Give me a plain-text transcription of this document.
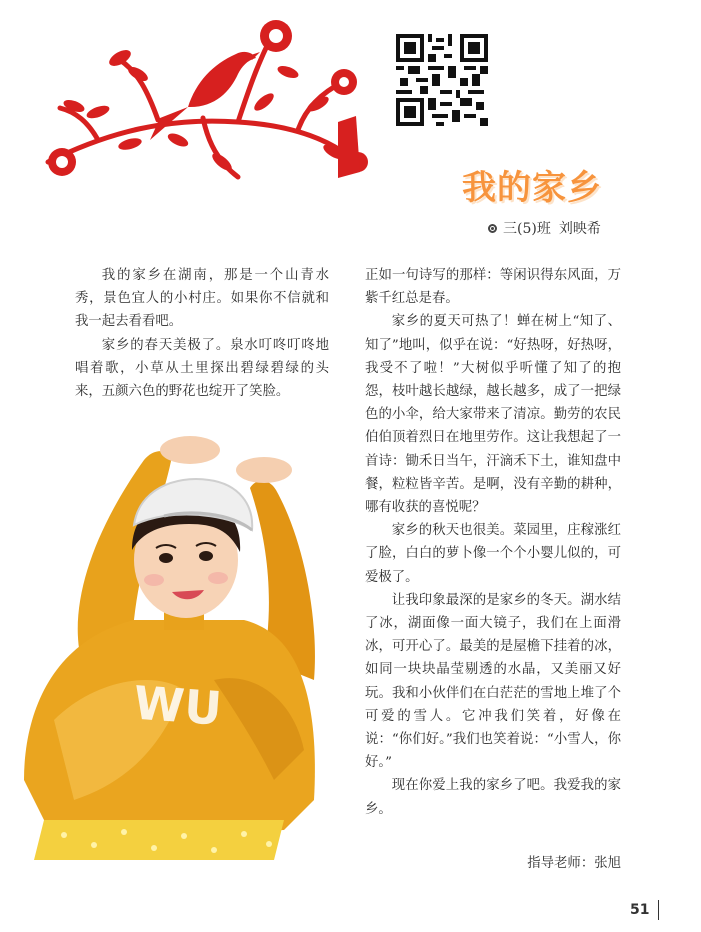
我的家乡
三(5)班 刘映希

我的家乡在湖南，那是一个山青水秀，景色宜人的小村庄。如果你不信就和我一起去看看吧。

家乡的春天美极了。泉水叮咚叮咚地唱着歌，小草从土里探出碧绿碧绿的头来，五颜六色的野花也绽开了笑脸。

WU

正如一句诗写的那样：等闲识得东风面，万紫千红总是春。

家乡的夏天可热了！蝉在树上“知了、知了”地叫，似乎在说：“好热呀，好热呀，我受不了啦！”大树似乎听懂了知了的抱怨，枝叶越长越绿，越长越多，成了一把绿色的小伞，给大家带来了清凉。勤劳的农民伯伯顶着烈日在地里劳作。这让我想起了一首诗：锄禾日当午，汗滴禾下土，谁知盘中餐，粒粒皆辛苦。是啊，没有辛勤的耕种，哪有收获的喜悦呢？

家乡的秋天也很美。菜园里，庄稼涨红了脸，白白的萝卜像一个个小婴儿似的，可爱极了。

让我印象最深的是家乡的冬天。湖水结了冰，湖面像一面大镜子，我们在上面滑冰，可开心了。最美的是屋檐下挂着的冰，如同一块块晶莹剔透的水晶，又美丽又好玩。我和小伙伴们在白茫茫的雪地上堆了个可爱的雪人。它冲我们笑着，好像在说：“你们好。”我们也笑着说：“小雪人，你好。”

现在你爱上我的家乡了吧。我爱我的家乡。

指导老师：张旭
51
